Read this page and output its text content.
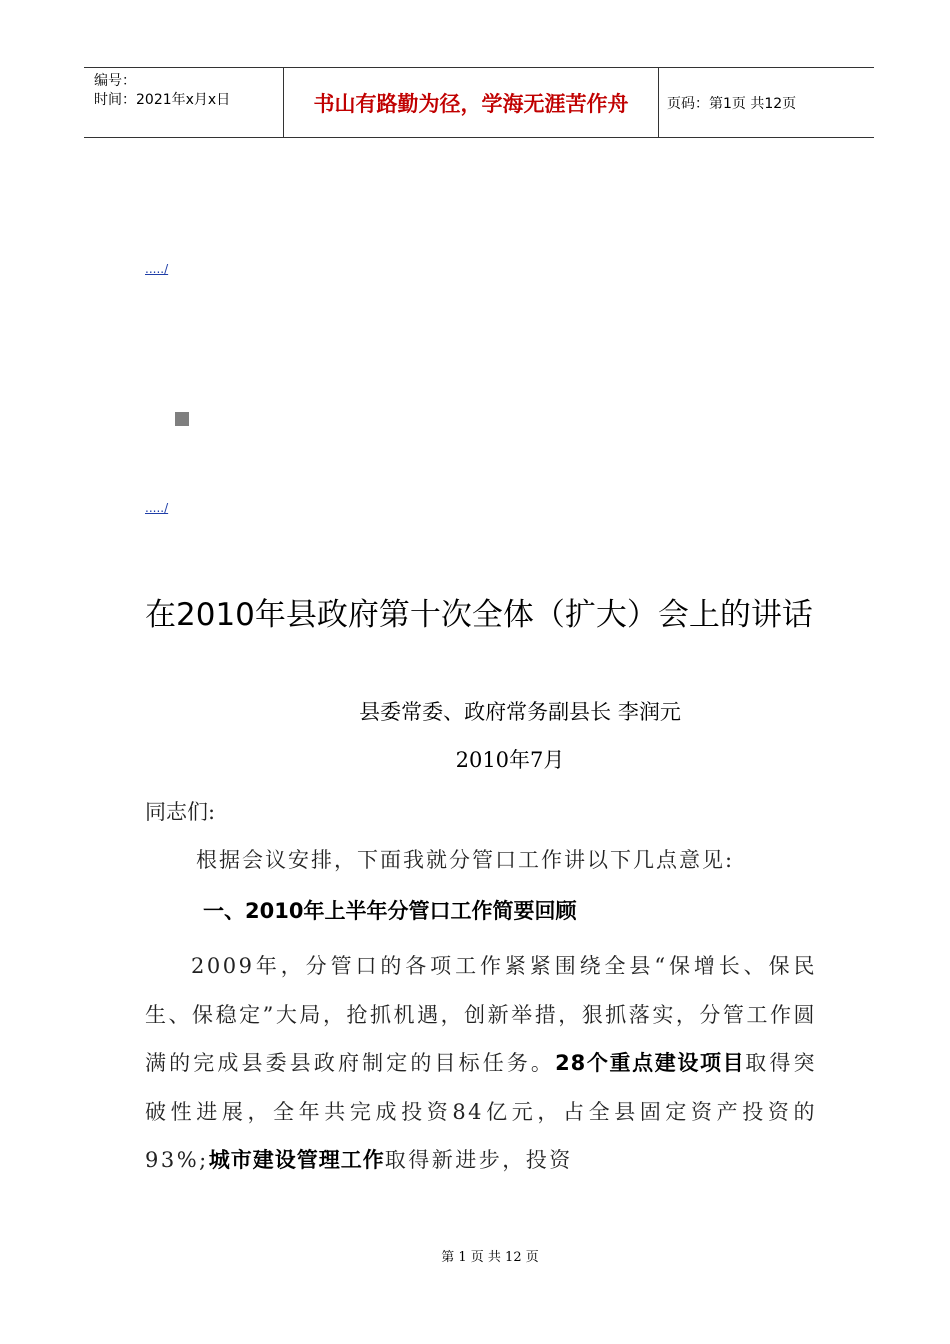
编号：
时间：2021年x月x日	书山有路勤为径，学海无涯苦作舟	页码：第1页 共12页
...../
...../
在2010年县政府第十次全体（扩大）会上的讲话
县委常委、政府常务副县长 李润元
2010年7月
同志们:
根据会议安排，下面我就分管口工作讲以下几点意见:
一、2010年上半年分管口工作简要回顾
2009年，分管口的各项工作紧紧围绕全县“保增长、保民生、保稳定”大局，抢抓机遇，创新举措，狠抓落实，分管工作圆满的完成县委县政府制定的目标任务。28个重点建设项目取得突破性进展，全年共完成投资84亿元，占全县固定资产投资的93%;城市建设管理工作取得新进步，投资
第 1 页 共 12 页
